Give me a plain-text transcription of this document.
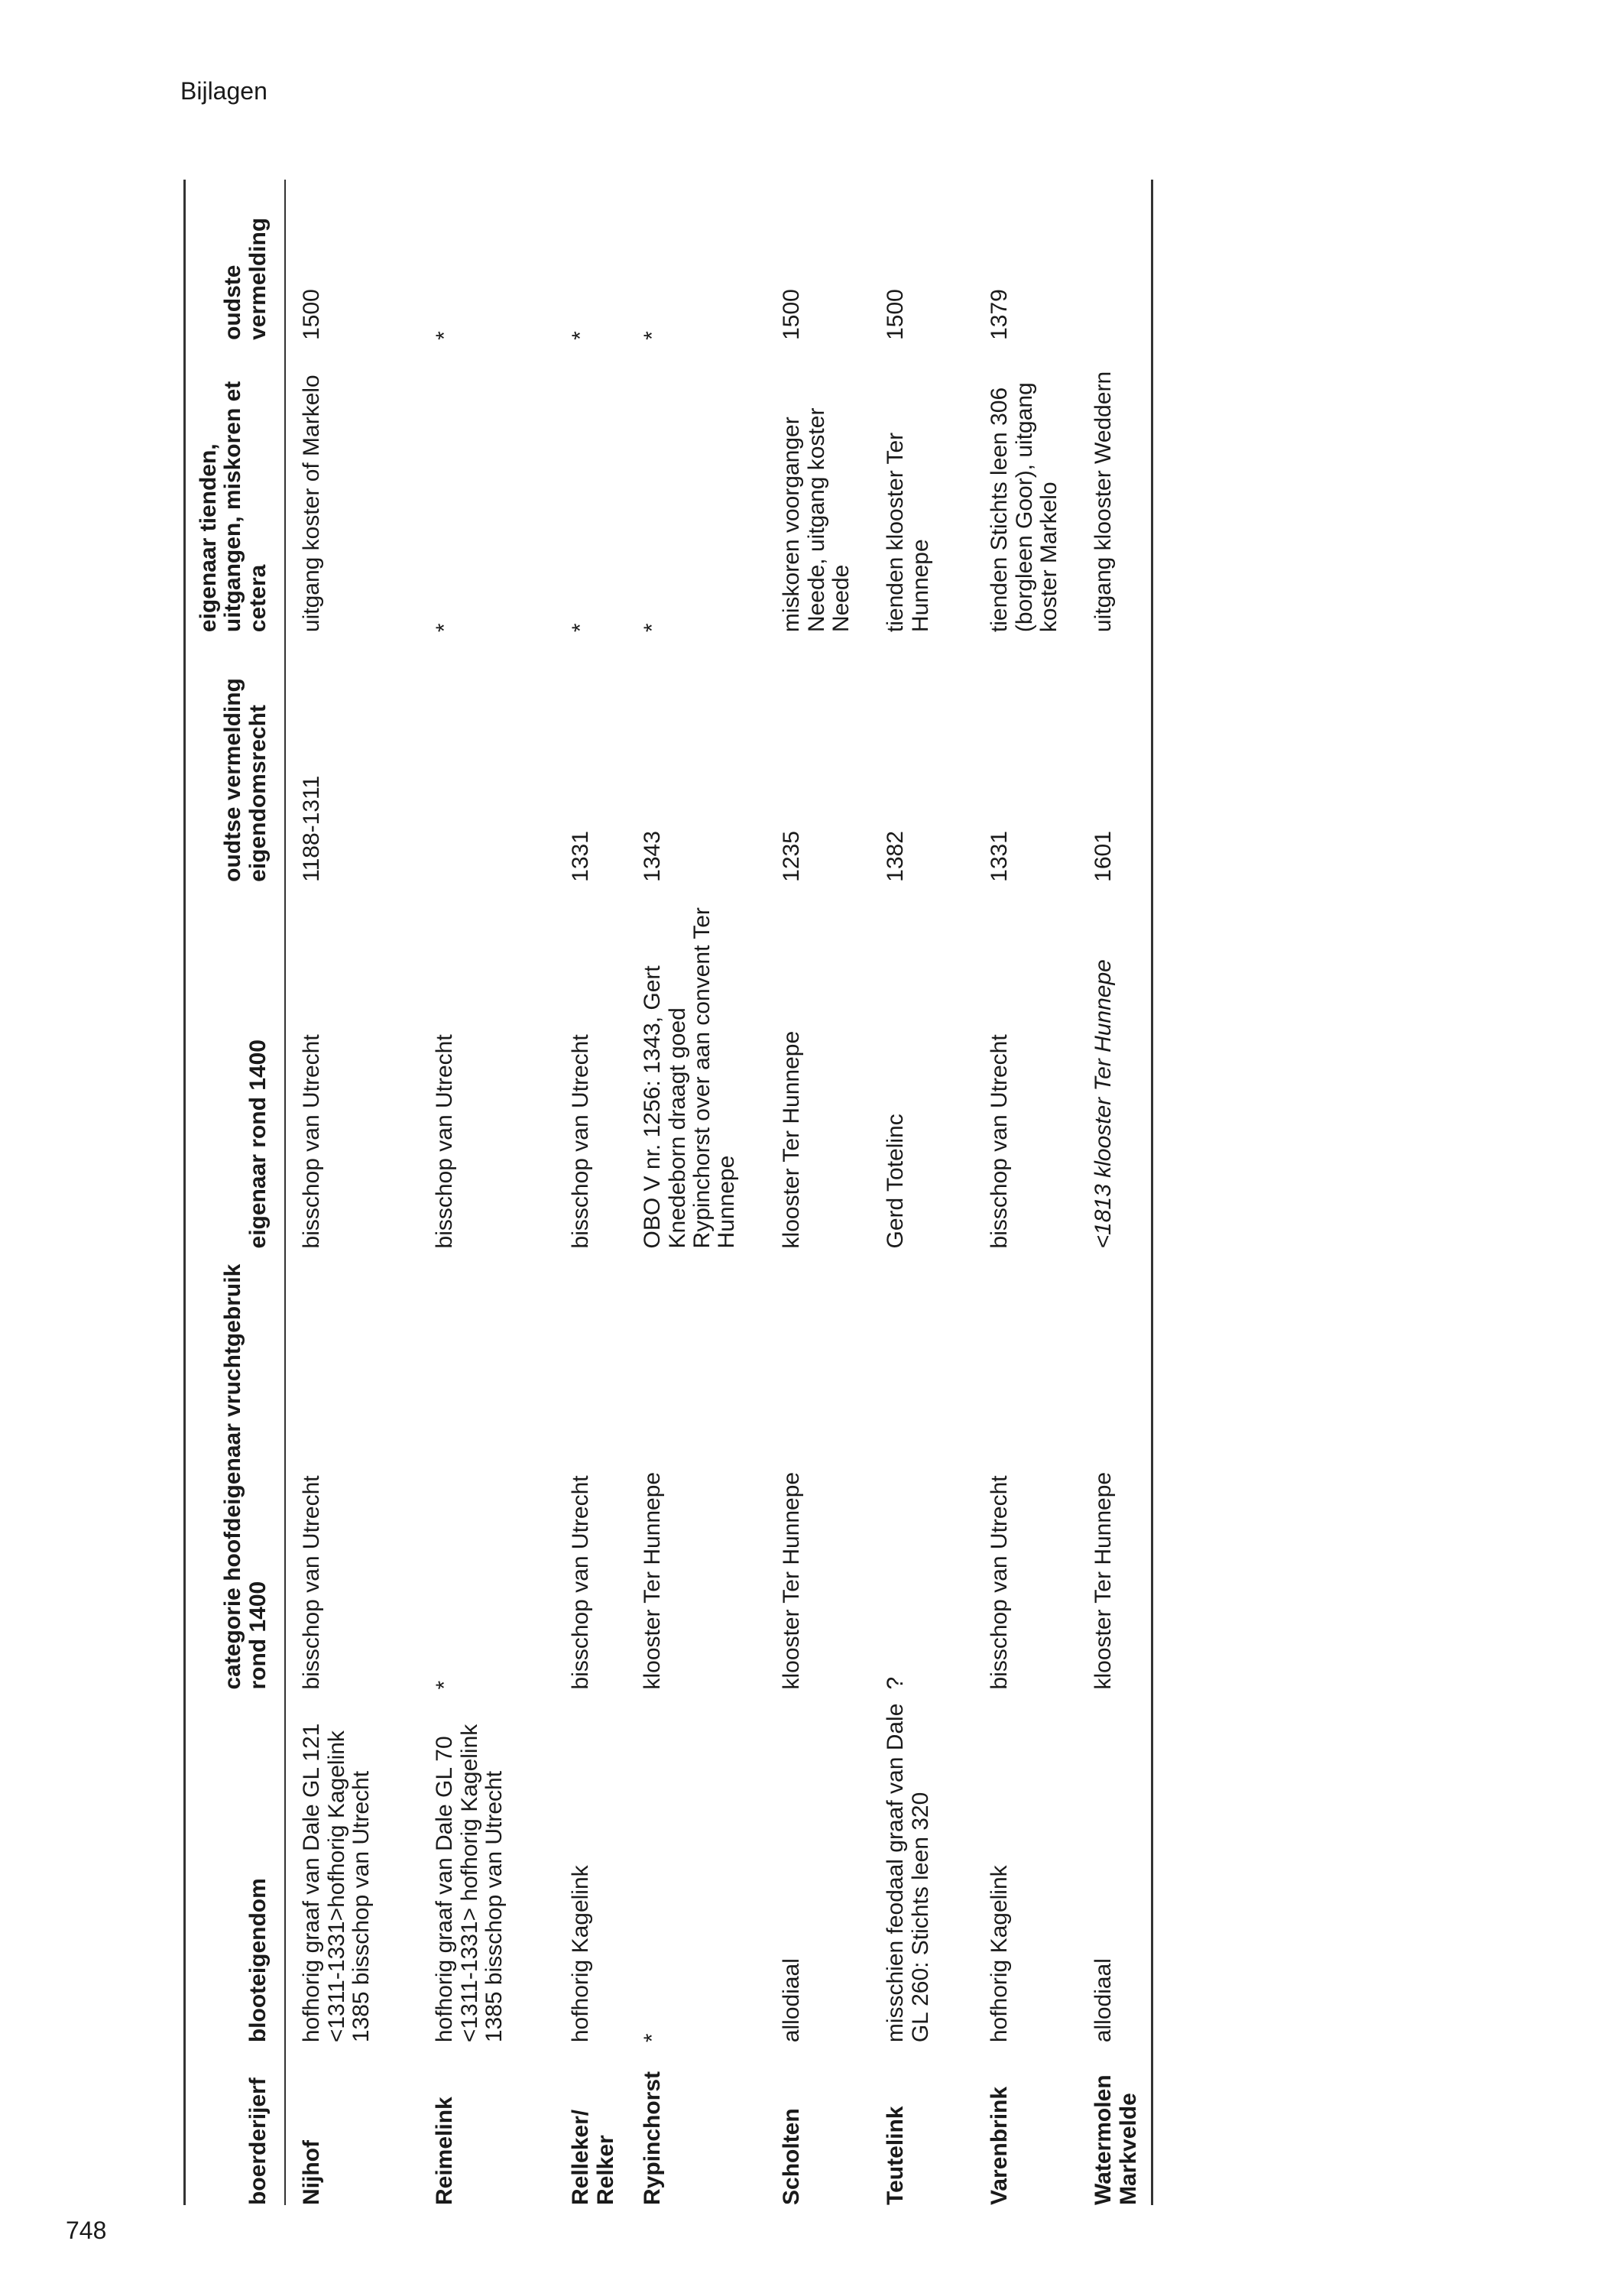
Bijlagen
748
boerderijerf	blooteigendom	categorie hoofdeigenaar vruchtgebruik rond 1400	eigenaar rond 1400	oudtse vermelding eigendomsrecht	eigenaar tienden, uitgangen, miskoren et cetera	oudste vermelding
Nijhof	hofhorig graaf van Dale GL 121 <1311-1331>hofhorig Kagelink 1385 bisschop van Utrecht	bisschop van Utrecht	bisschop van Utrecht	1188-1311	uitgang koster of Markelo	1500
Reimelink	hofhorig graaf van Dale GL 70 <1311-1331> hofhorig Kagelink 1385 bisschop van Utrecht	*	bisschop van Utrecht		*	*
Relleker/ Relker	hofhorig Kagelink	bisschop van Utrecht	bisschop van Utrecht	1331	*	*
Rypinchorst	*	klooster Ter Hunnepe	OBO V nr. 1256: 1343, Gert Knedeborn draagt goed Rypinchorst over aan convent Ter Hunnepe	1343	*	*
Scholten	allodiaal	klooster Ter Hunnepe	klooster Ter Hunnepe	1235	miskoren voorganger Neede, uitgang koster Neede	1500
Teutelink	misschien feodaal graaf van Dale GL 260: Stichts leen 320	?	Gerd Totelinc	1382	tienden klooster Ter Hunnepe	1500
Varenbrink	hofhorig Kagelink	bisschop van Utrecht	bisschop van Utrecht	1331	tienden Stichts leen 306 (borgleen Goor), uitgang koster Markelo	1379
Watermolen Markvelde	allodiaal	klooster Ter Hunnepe	<1813 klooster Ter Hunnepe	1601	uitgang klooster Weddern	
